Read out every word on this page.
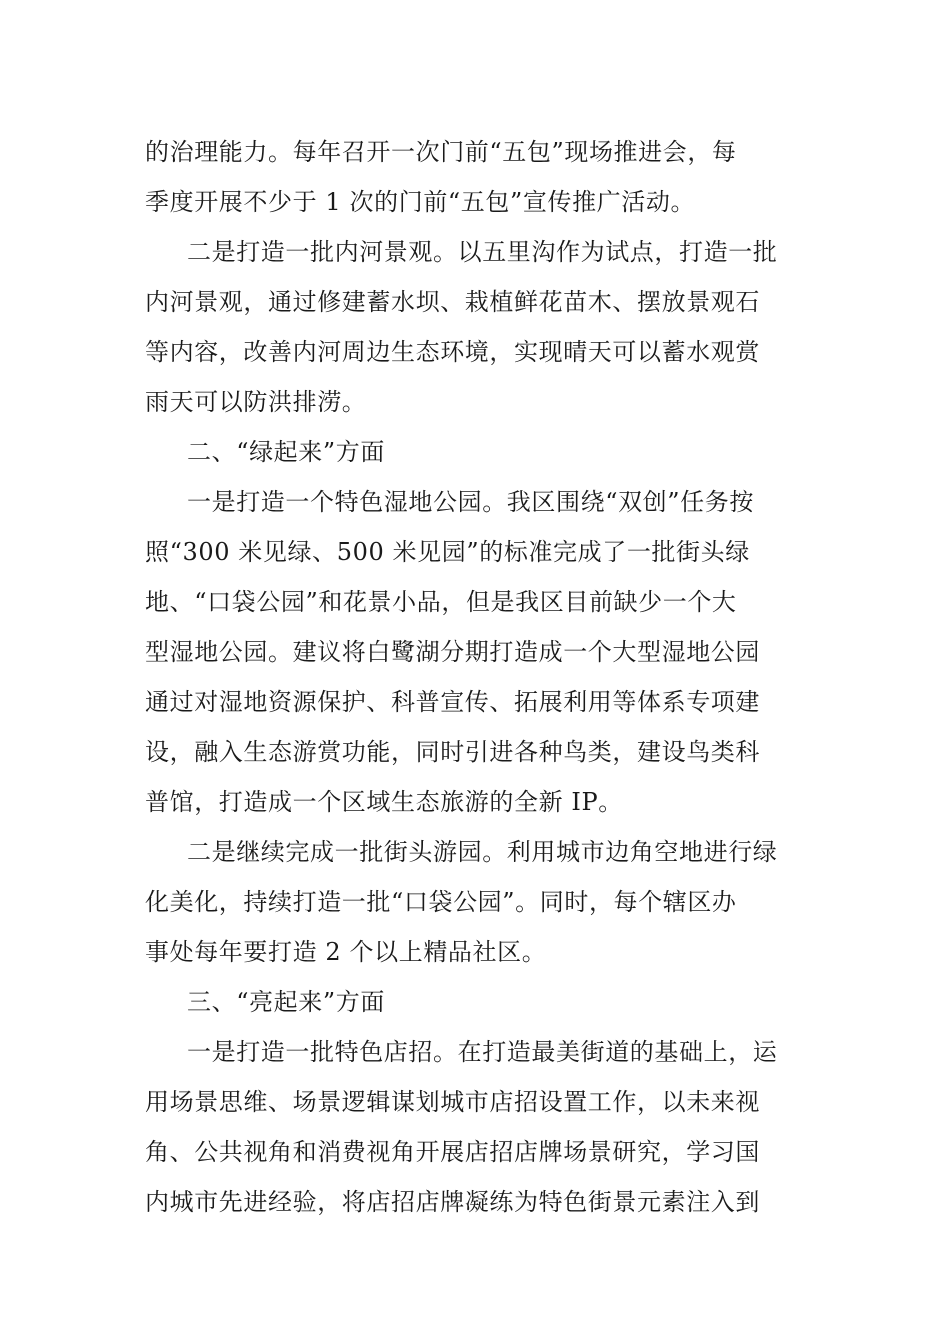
的治理能力。每年召开一次门前“五包”现场推进会，每
季度开展不少于 1 次的门前“五包”宣传推广活动。
二是打造一批内河景观。以五里沟作为试点，打造一批
内河景观，通过修建蓄水坝、栽植鲜花苗木、摆放景观石
等内容，改善内河周边生态环境，实现晴天可以蓄水观赏
雨天可以防洪排涝。
二、“绿起来”方面
一是打造一个特色湿地公园。我区围绕“双创”任务按
照“300 米见绿、500 米见园”的标准完成了一批街头绿
地、“口袋公园”和花景小品，但是我区目前缺少一个大
型湿地公园。建议将白鹭湖分期打造成一个大型湿地公园
通过对湿地资源保护、科普宣传、拓展利用等体系专项建
设，融入生态游赏功能，同时引进各种鸟类，建设鸟类科
普馆，打造成一个区域生态旅游的全新 IP。
二是继续完成一批街头游园。利用城市边角空地进行绿
化美化，持续打造一批“口袋公园”。同时，每个辖区办
事处每年要打造 2 个以上精品社区。
三、“亮起来”方面
一是打造一批特色店招。在打造最美街道的基础上，运
用场景思维、场景逻辑谋划城市店招设置工作，以未来视
角、公共视角和消费视角开展店招店牌场景研究，学习国
内城市先进经验，将店招店牌凝练为特色街景元素注入到
